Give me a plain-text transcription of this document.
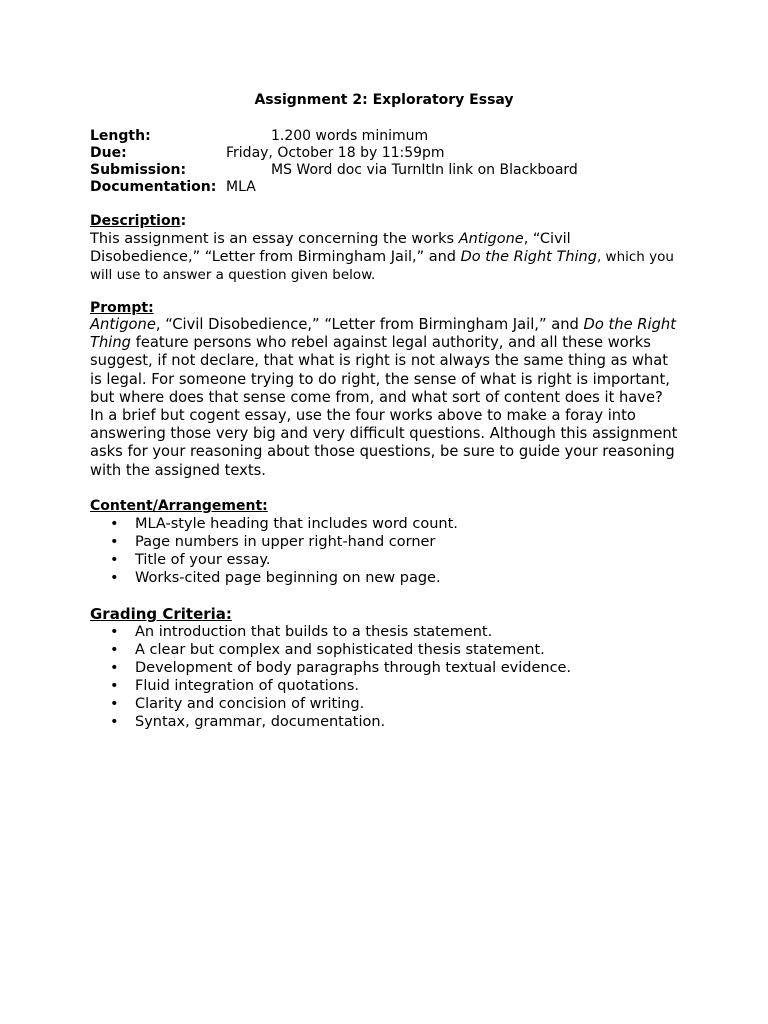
Assignment 2: Exploratory Essay
Length:	1.200 words minimum
Due:	Friday, October 18 by 11:59pm
Submission:	MS Word doc via TurnItIn link on Blackboard
Documentation: MLA
Description:
This assignment is an essay concerning the works Antigone, “Civil Disobedience,” “Letter from Birmingham Jail,” and Do the Right Thing, which you will use to answer a question given below.
Prompt:
Antigone, “Civil Disobedience,” “Letter from Birmingham Jail,” and Do the Right Thing feature persons who rebel against legal authority, and all these works suggest, if not declare, that what is right is not always the same thing as what is legal. For someone trying to do right, the sense of what is right is important, but where does that sense come from, and what sort of content does it have? In a brief but cogent essay, use the four works above to make a foray into answering those very big and very difficult questions. Although this assignment asks for your reasoning about those questions, be sure to guide your reasoning with the assigned texts.
Content/Arrangement:
• MLA-style heading that includes word count.
• Page numbers in upper right-hand corner
• Title of your essay.
• Works-cited page beginning on new page.
Grading Criteria:
• An introduction that builds to a thesis statement.
• A clear but complex and sophisticated thesis statement.
• Development of body paragraphs through textual evidence.
• Fluid integration of quotations.
• Clarity and concision of writing.
• Syntax, grammar, documentation.
